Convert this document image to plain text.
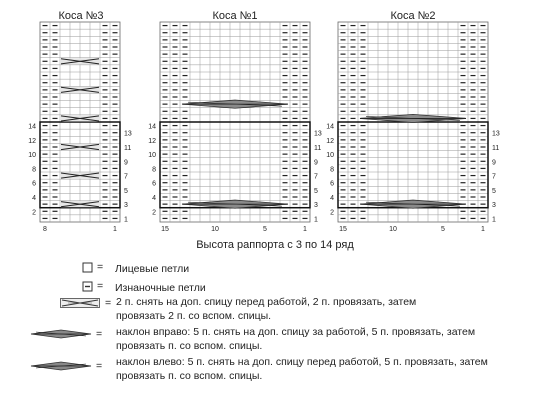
Коса №3	Коса №1	Коса №2
14
12
10
8
6
4
2
13
11
9
7
5
3
1
8	1
14
12
10
8
6
4
2
13
11
9
7
5
3
1
15	10	5	1
14
12
10
8
6
4
2
13
11
9
7
5
3
1
15	10	5	1
Высота раппорта с 3 по 14 ряд
= Лицевые петли
= Изнаночные петли
= 2 п. снять на доп. спицу перед работой, 2 п. провязать, затем
провязать 2 п. со вспом. спицы.
= наклон вправо: 5 п. снять на доп. спицу за работой, 5 п. провязать, затем
провязать п. со вспом. спицы.
= наклон влево: 5 п. снять на доп. спицу перед работой, 5 п. провязать, затем
провязать п. со вспом. спицы.
